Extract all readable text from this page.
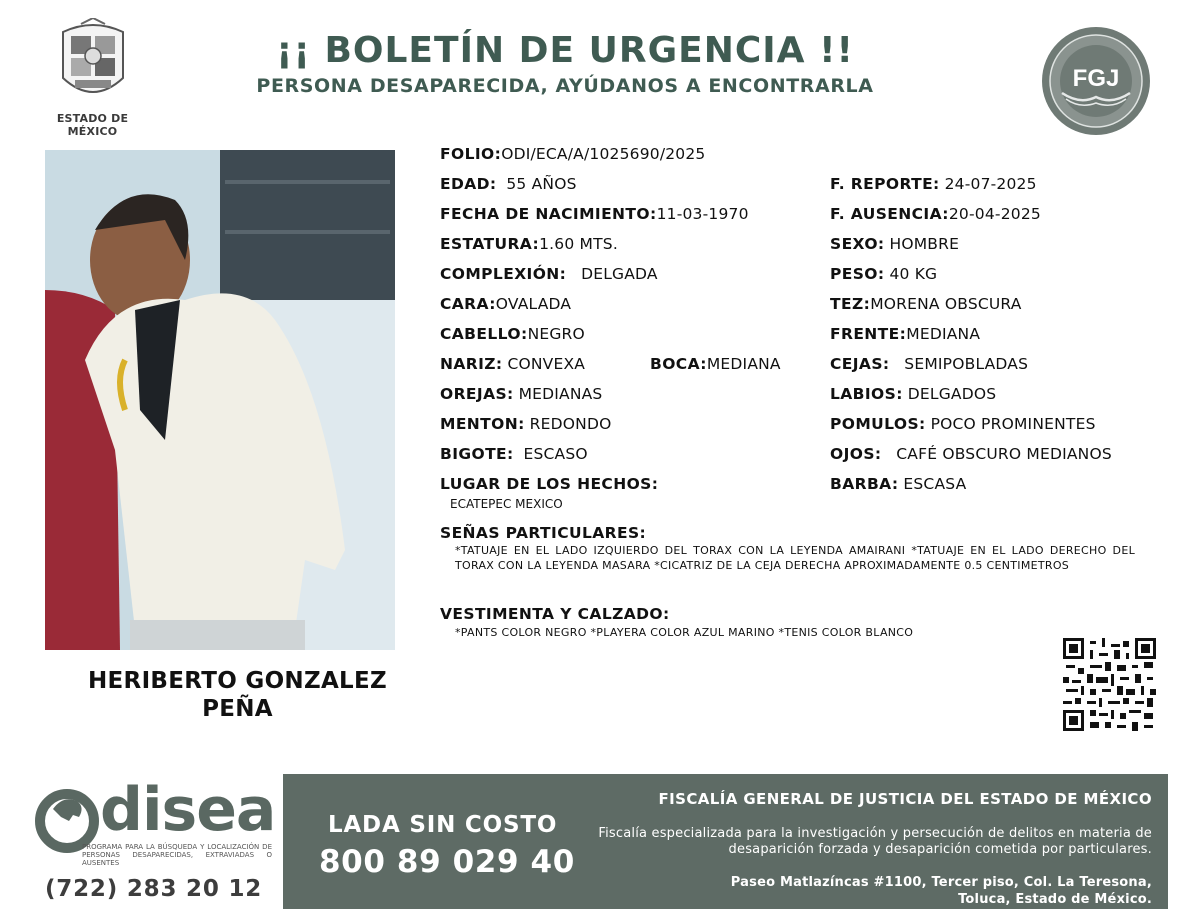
ESTADO DE MÉXICO
¡¡ BOLETÍN DE URGENCIA !!
PERSONA DESAPARECIDA, AYÚDANOS A ENCONTRARLA	FGJ
HERIBERTO GONZALEZ
PEÑA
FOLIO:ODI/ECA/A/1025690/2025
EDAD: 55 AÑOS
FECHA DE NACIMIENTO:11-03-1970
ESTATURA:1.60 MTS.
COMPLEXIÓN: DELGADA
CARA:OVALADA
CABELLO:NEGRO
NARIZ: CONVEXA	BOCA:MEDIANA
OREJAS: MEDIANAS
MENTON: REDONDO
BIGOTE: ESCASO
LUGAR DE LOS HECHOS:
ECATEPEC MEXICO
F. REPORTE: 24-07-2025
F. AUSENCIA:20-04-2025
SEXO: HOMBRE
PESO: 40 KG
TEZ:MORENA OBSCURA
FRENTE:MEDIANA
CEJAS: SEMIPOBLADAS
LABIOS: DELGADOS
POMULOS: POCO PROMINENTES
OJOS: CAFÉ OBSCURO MEDIANOS
BARBA: ESCASA
SEÑAS PARTICULARES:
*TATUAJE EN EL LADO IZQUIERDO DEL TORAX CON LA LEYENDA AMAIRANI *TATUAJE EN EL LADO DERECHO DEL TORAX CON LA LEYENDA MASARA *CICATRIZ DE LA CEJA DERECHA APROXIMADAMENTE 0.5 CENTIMETROS
VESTIMENTA Y CALZADO:
*PANTS COLOR NEGRO *PLAYERA COLOR AZUL MARINO *TENIS COLOR BLANCO
disea
PROGRAMA PARA LA BÚSQUEDA Y LOCALIZACIÓN DE PERSONAS DESAPARECIDAS, EXTRAVIADAS O AUSENTES
(722) 283 20 12
LADA SIN COSTO
800 89 029 40
FISCALÍA GENERAL DE JUSTICIA DEL ESTADO DE MÉXICO
Fiscalía especializada para la investigación y persecución de delitos en materia de desaparición forzada y desaparición cometida por particulares.
Paseo Matlazíncas #1100, Tercer piso, Col. La Teresona,
Toluca, Estado de México.
